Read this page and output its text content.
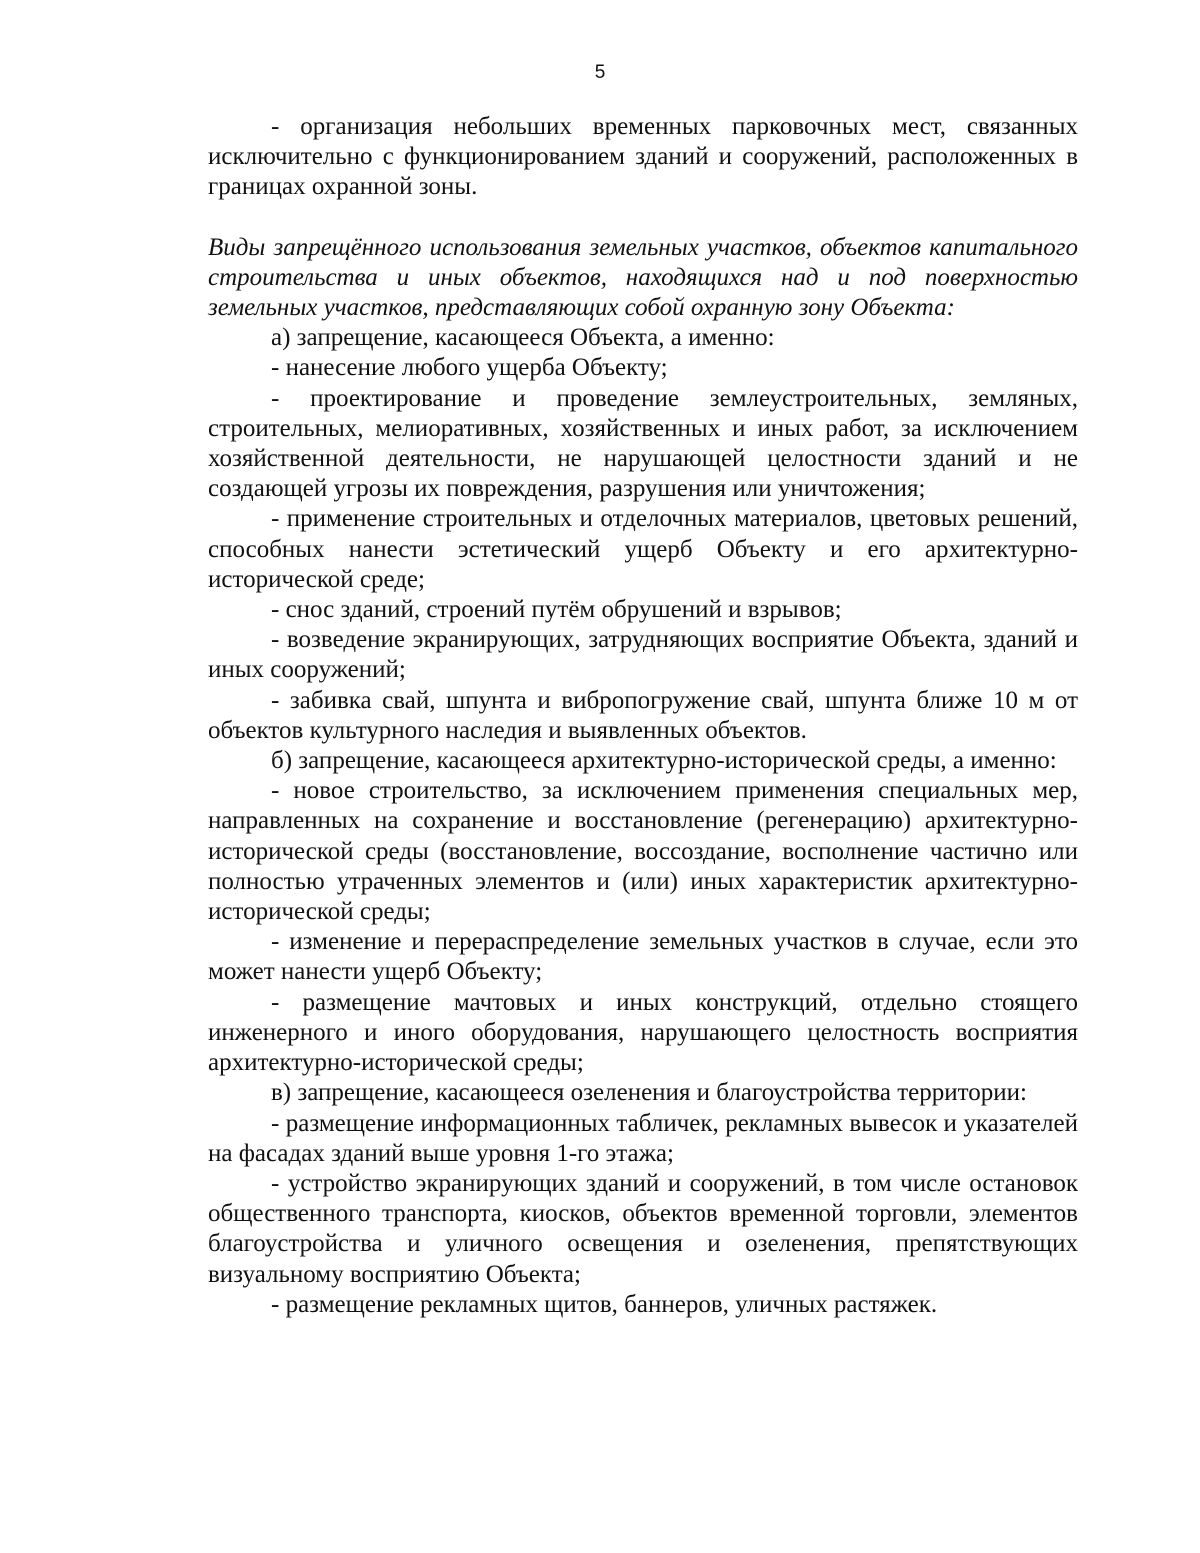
5

- организация небольших временных парковочных мест, связанных исключительно с функционированием зданий и сооружений, расположенных в границах охранной зоны.

Виды запрещённого использования земельных участков, объектов капитального строительства и иных объектов, находящихся над и под поверхностью земельных участков, представляющих собой охранную зону Объекта:

а) запрещение, касающееся Объекта, а именно:

- нанесение любого ущерба Объекту;

- проектирование и проведение землеустроительных, земляных, строительных, мелиоративных, хозяйственных и иных работ, за исключением хозяйственной деятельности, не нарушающей целостности зданий и не создающей угрозы их повреждения, разрушения или уничтожения;

- применение строительных и отделочных материалов, цветовых решений, способных нанести эстетический ущерб Объекту и его архитектурно-исторической среде;

- снос зданий, строений путём обрушений и взрывов;

- возведение экранирующих, затрудняющих восприятие Объекта, зданий и иных сооружений;

- забивка свай, шпунта и вибропогружение свай, шпунта ближе 10 м от объектов культурного наследия и выявленных объектов.

б) запрещение, касающееся архитектурно-исторической среды, а именно:

- новое строительство, за исключением применения специальных мер, направленных на сохранение и восстановление (регенерацию) архитектурно-исторической среды (восстановление, воссоздание, восполнение частично или полностью утраченных элементов и (или) иных характеристик архитектурно-исторической среды;

- изменение и перераспределение земельных участков в случае, если это может нанести ущерб Объекту;

- размещение мачтовых и иных конструкций, отдельно стоящего инженерного и иного оборудования, нарушающего целостность восприятия архитектурно-исторической среды;

в) запрещение, касающееся озеленения и благоустройства территории:

- размещение информационных табличек, рекламных вывесок и указателей на фасадах зданий выше уровня 1-го этажа;

- устройство экранирующих зданий и сооружений, в том числе остановок общественного транспорта, киосков, объектов временной торговли, элементов благоустройства и уличного освещения и озеленения, препятствующих визуальному восприятию Объекта;

- размещение рекламных щитов, баннеров, уличных растяжек.
